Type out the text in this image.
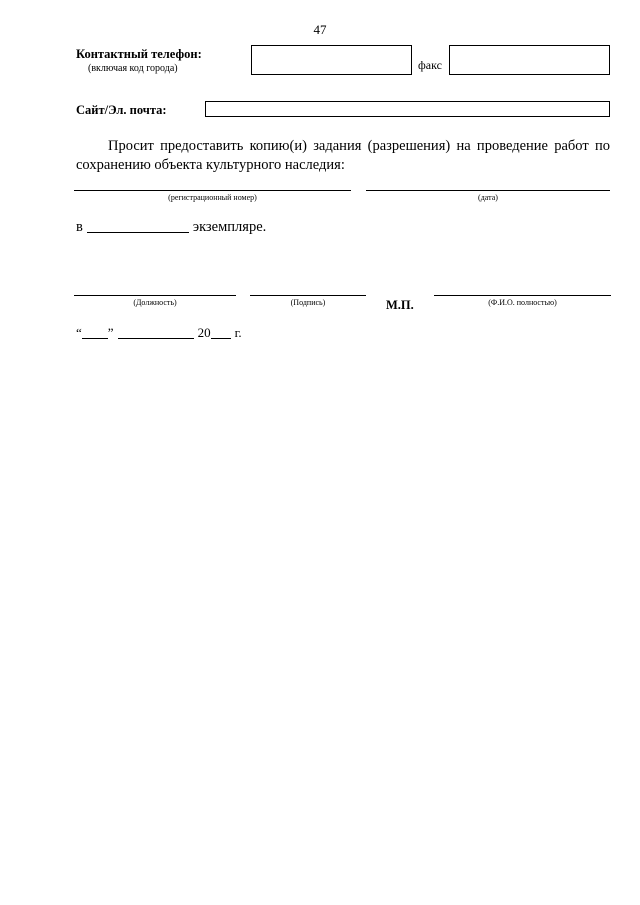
47
Контактный телефон:
(включая код города)	факс
Сайт/Эл. почта:
Просит предоставить копию(и) задания (разрешения) на проведение работ по сохранению объекта культурного наследия:
(регистрационный номер)	(дата)
в	экземпляре.
(Должность)	(Подпись)	М.П.	(Ф.И.О. полностью)
“ ”	20 г.
